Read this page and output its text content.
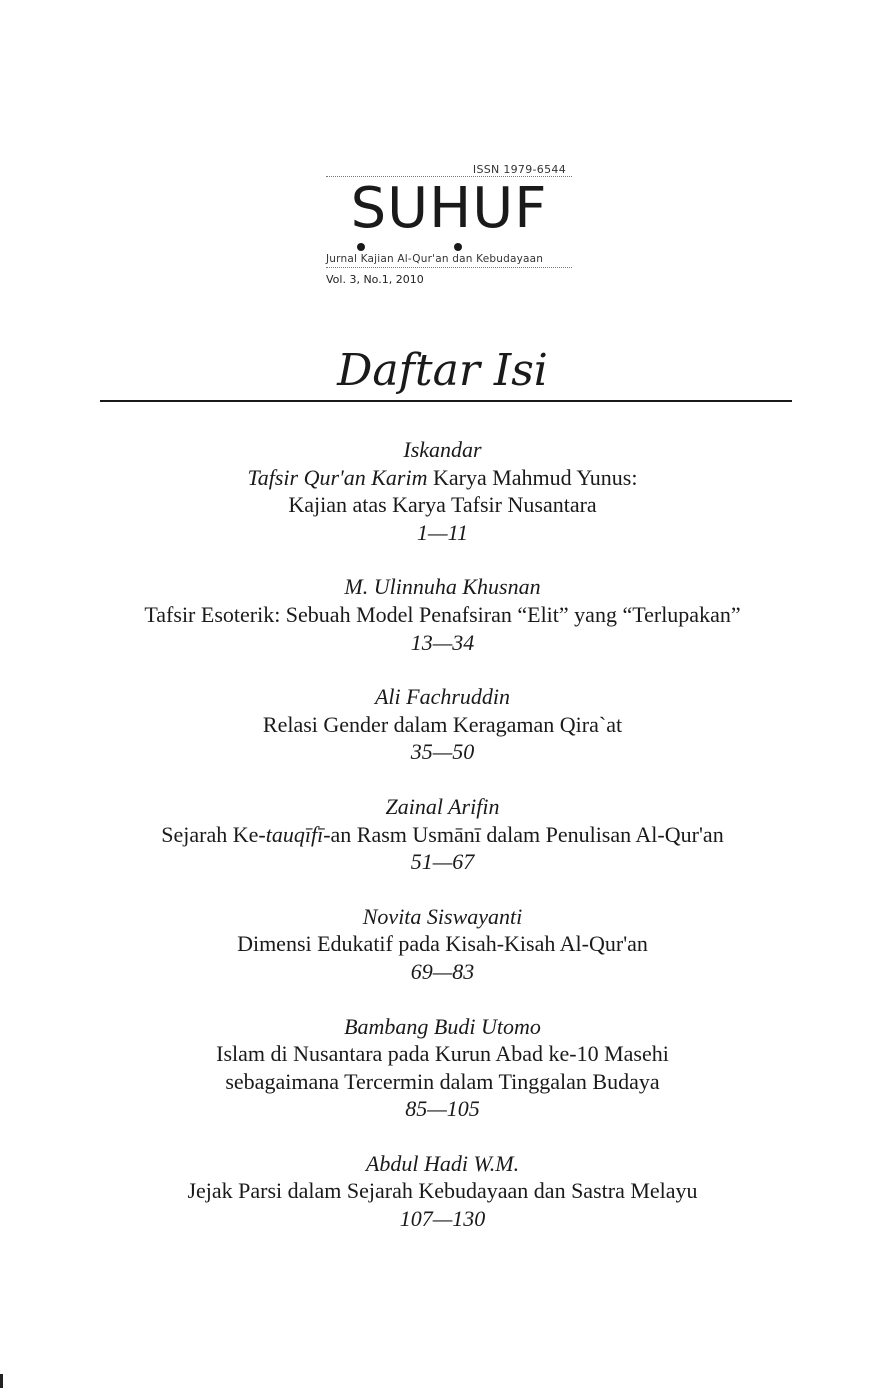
ISSN 1979-6544
SUHUF
Jurnal Kajian Al-Qur'an dan Kebudayaan
Vol. 3, No.1, 2010
Daftar Isi
Iskandar
Tafsir Qur'an Karim Karya Mahmud Yunus:
Kajian atas Karya Tafsir Nusantara
1—11
M. Ulinnuha Khusnan
Tafsir Esoterik: Sebuah Model Penafsiran “Elit” yang “Terlupakan”
13—34
Ali Fachruddin
Relasi Gender dalam Keragaman Qira`at
35—50
Zainal Arifin
Sejarah Ke-tauqīfī-an Rasm Usmānī dalam Penulisan Al-Qur'an
51—67
Novita Siswayanti
Dimensi Edukatif pada Kisah-Kisah Al-Qur'an
69—83
Bambang Budi Utomo
Islam di Nusantara pada Kurun Abad ke-10 Masehi
sebagaimana Tercermin dalam Tinggalan Budaya
85—105
Abdul Hadi W.M.
Jejak Parsi dalam Sejarah Kebudayaan dan Sastra Melayu
107—130
